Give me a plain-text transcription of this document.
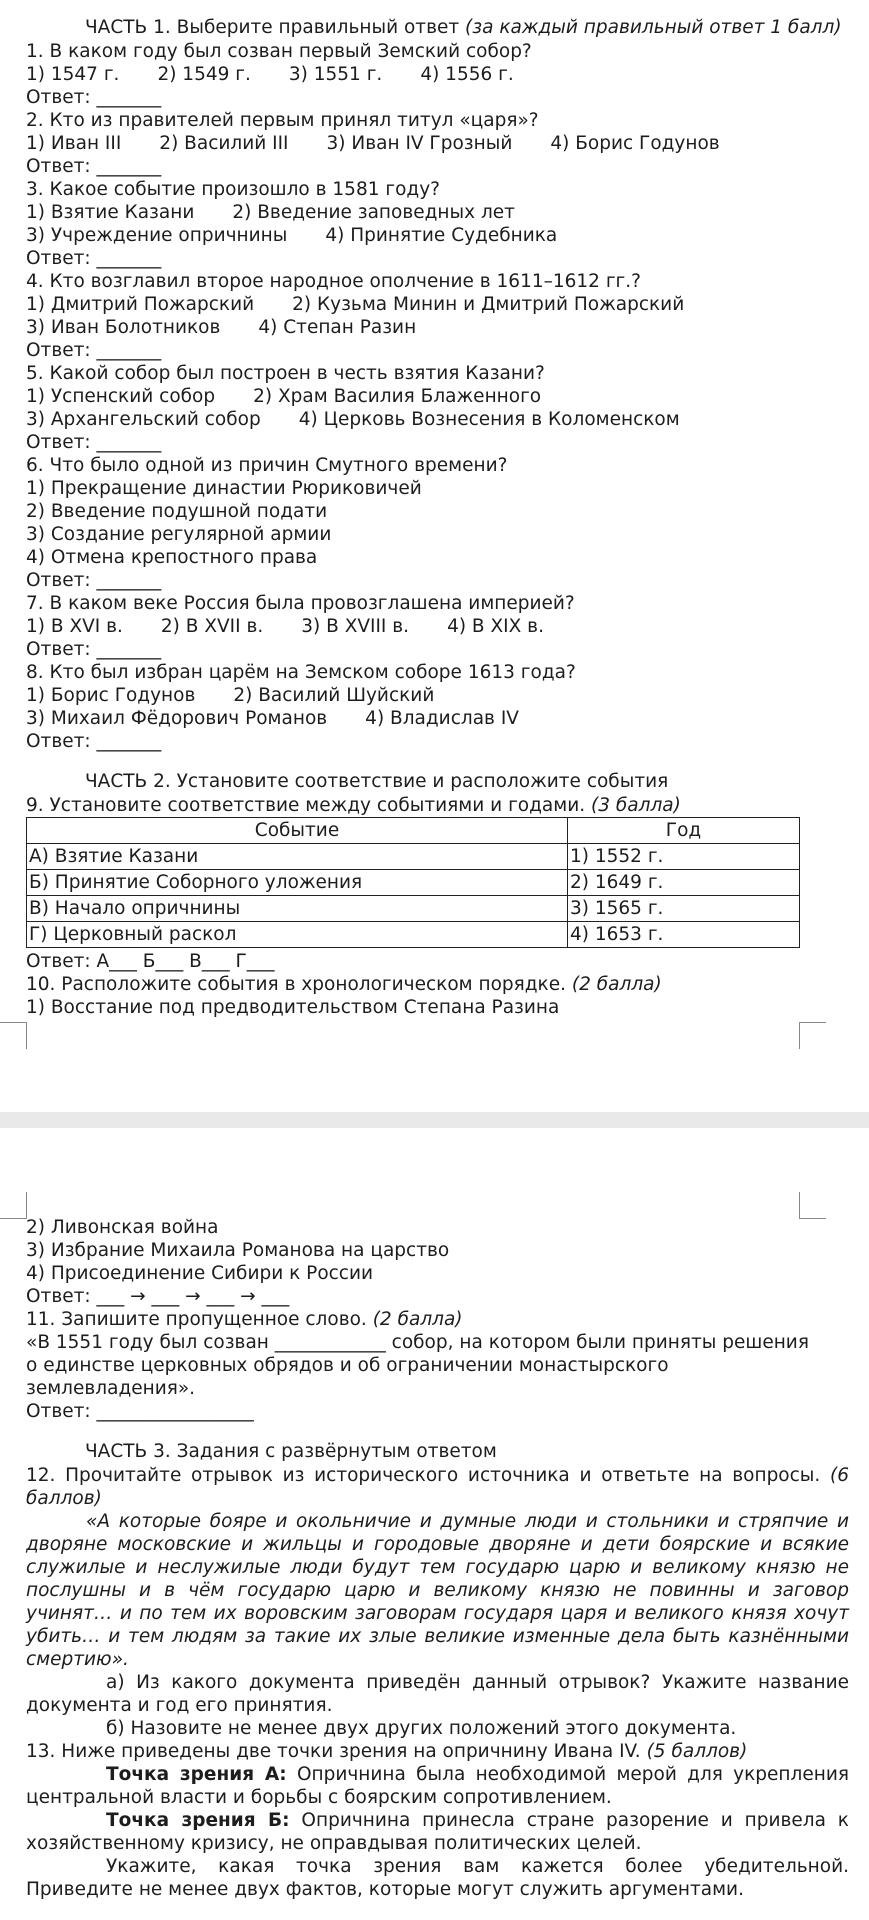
ЧАСТЬ 1. Выберите правильный ответ (за каждый правильный ответ 1 балл)
1. В каком году был созван первый Земский собор?
1) 1547 г. 2) 1549 г. 3) 1551 г. 4) 1556 г.
Ответ: _______
2. Кто из правителей первым принял титул «царя»?
1) Иван III 2) Василий III 3) Иван IV Грозный 4) Борис Годунов
Ответ: _______
3. Какое событие произошло в 1581 году?
1) Взятие Казани 2) Введение заповедных лет
3) Учреждение опричнины 4) Принятие Судебника
Ответ: _______
4. Кто возглавил второе народное ополчение в 1611–1612 гг.?
1) Дмитрий Пожарский 2) Кузьма Минин и Дмитрий Пожарский
3) Иван Болотников 4) Степан Разин
Ответ: _______
5. Какой собор был построен в честь взятия Казани?
1) Успенский собор 2) Храм Василия Блаженного
3) Архангельский собор 4) Церковь Вознесения в Коломенском
Ответ: _______
6. Что было одной из причин Смутного времени?
1) Прекращение династии Рюриковичей
2) Введение подушной подати
3) Создание регулярной армии
4) Отмена крепостного права
Ответ: _______
7. В каком веке Россия была провозглашена империей?
1) В XVI в. 2) В XVII в. 3) В XVIII в. 4) В XIX в.
Ответ: _______
8. Кто был избран царём на Земском соборе 1613 года?
1) Борис Годунов 2) Василий Шуйский
3) Михаил Фёдорович Романов 4) Владислав IV
Ответ: _______
ЧАСТЬ 2. Установите соответствие и расположите события
9. Установите соответствие между событиями и годами. (3 балла)
Событие	Год
А) Взятие Казани	1) 1552 г.
Б) Принятие Соборного уложения	2) 1649 г.
В) Начало опричнины	3) 1565 г.
Г) Церковный раскол	4) 1653 г.
Ответ: А___ Б___ В___ Г___
10. Расположите события в хронологическом порядке. (2 балла)
1) Восстание под предводительством Степана Разина
2) Ливонская война
3) Избрание Михаила Романова на царство
4) Присоединение Сибири к России
Ответ: ___ → ___ → ___ → ___
11. Запишите пропущенное слово. (2 балла)
«В 1551 году был созван ____________ собор, на котором были приняты решения
о единстве церковных обрядов и об ограничении монастырского
землевладения».
Ответ: _________________
ЧАСТЬ 3. Задания с развёрнутым ответом
12. Прочитайте отрывок из исторического источника и ответьте на вопросы. (6 баллов)
«А которые бояре и окольничие и думные люди и стольники и стряпчие и дворяне московские и жильцы и городовые дворяне и дети боярские и всякие служилые и неслужилые люди будут тем государю царю и великому князю не послушны и в чём государю царю и великому князю не повинны и заговор учинят… и по тем их воровским заговорам государя царя и великого князя хочут убить… и тем людям за такие их злые великие изменные дела быть казнёнными смертию».
а) Из какого документа приведён данный отрывок? Укажите название документа и год его принятия.
б) Назовите не менее двух других положений этого документа.
13. Ниже приведены две точки зрения на опричнину Ивана IV. (5 баллов)
Точка зрения А: Опричнина была необходимой мерой для укрепления центральной власти и борьбы с боярским сопротивлением.
Точка зрения Б: Опричнина принесла стране разорение и привела к хозяйственному кризису, не оправдывая политических целей.
Укажите, какая точка зрения вам кажется более убедительной. Приведите не менее двух фактов, которые могут служить аргументами.
